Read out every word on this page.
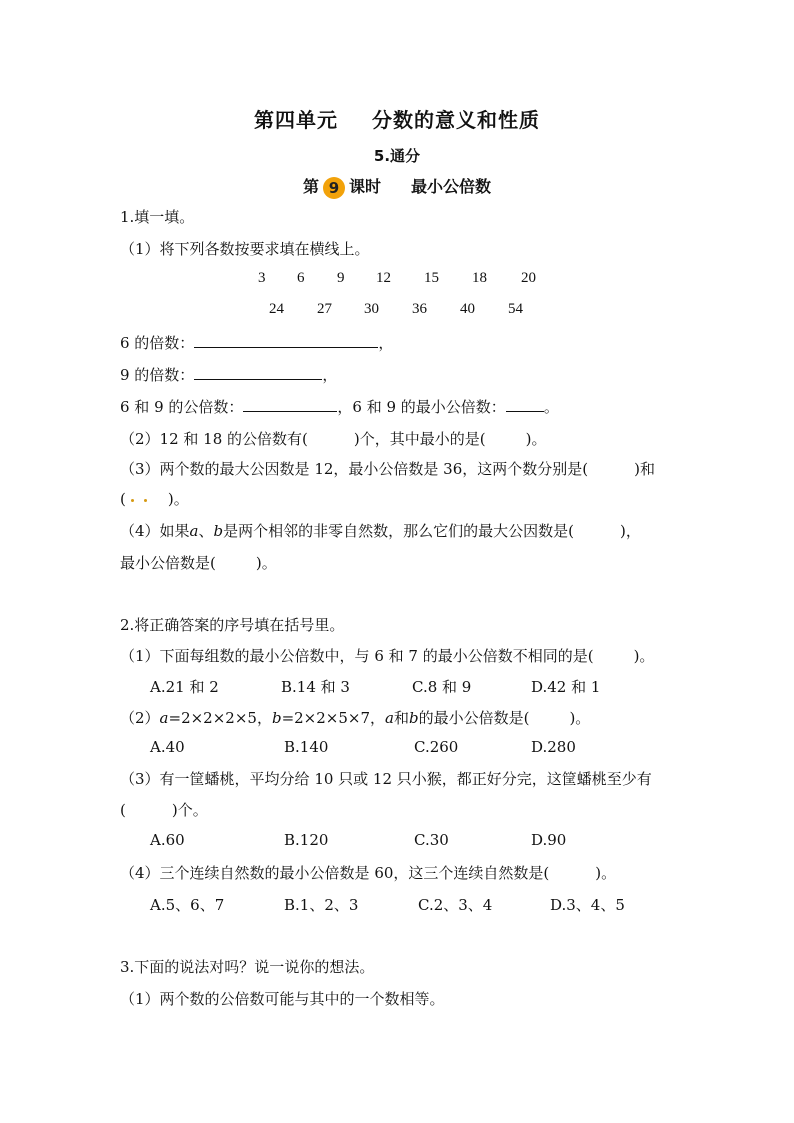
第四单元 分数的意义和性质
5.通分
第 9 课时 最小公倍数
1.填一填。
（1）将下列各数按要求填在横线上。
3 6 9 12 15 18 20
24 27 30 36 40 54
6 的倍数：	，
9 的倍数：	，
6 和 9 的公倍数：	，6 和 9 的最小公倍数：	。
（2）12 和 18 的公倍数有(	)个，其中最小的是(	)。
（3）两个数的最大公因数是 12，最小公倍数是 36，这两个数分别是(	)和
(	)。
（4）如果a、b是两个相邻的非零自然数，那么它们的最大公因数是(	)，
最小公倍数是(	)。
2.将正确答案的序号填在括号里。
（1）下面每组数的最小公倍数中，与 6 和 7 的最小公倍数不相同的是(	)。
A.21 和 2	B.14 和 3	C.8 和 9	D.42 和 1
（2）a=2×2×2×5，b=2×2×5×7，a和b的最小公倍数是(	)。
A.40	B.140	C.260	D.280
（3）有一筐蟠桃，平均分给 10 只或 12 只小猴，都正好分完，这筐蟠桃至少有
(	)个。
A.60	B.120	C.30	D.90
（4）三个连续自然数的最小公倍数是 60，这三个连续自然数是(	)。
A.5、6、7	B.1、2、3	C.2、3、4	D.3、4、5
3.下面的说法对吗？说一说你的想法。
（1）两个数的公倍数可能与其中的一个数相等。
